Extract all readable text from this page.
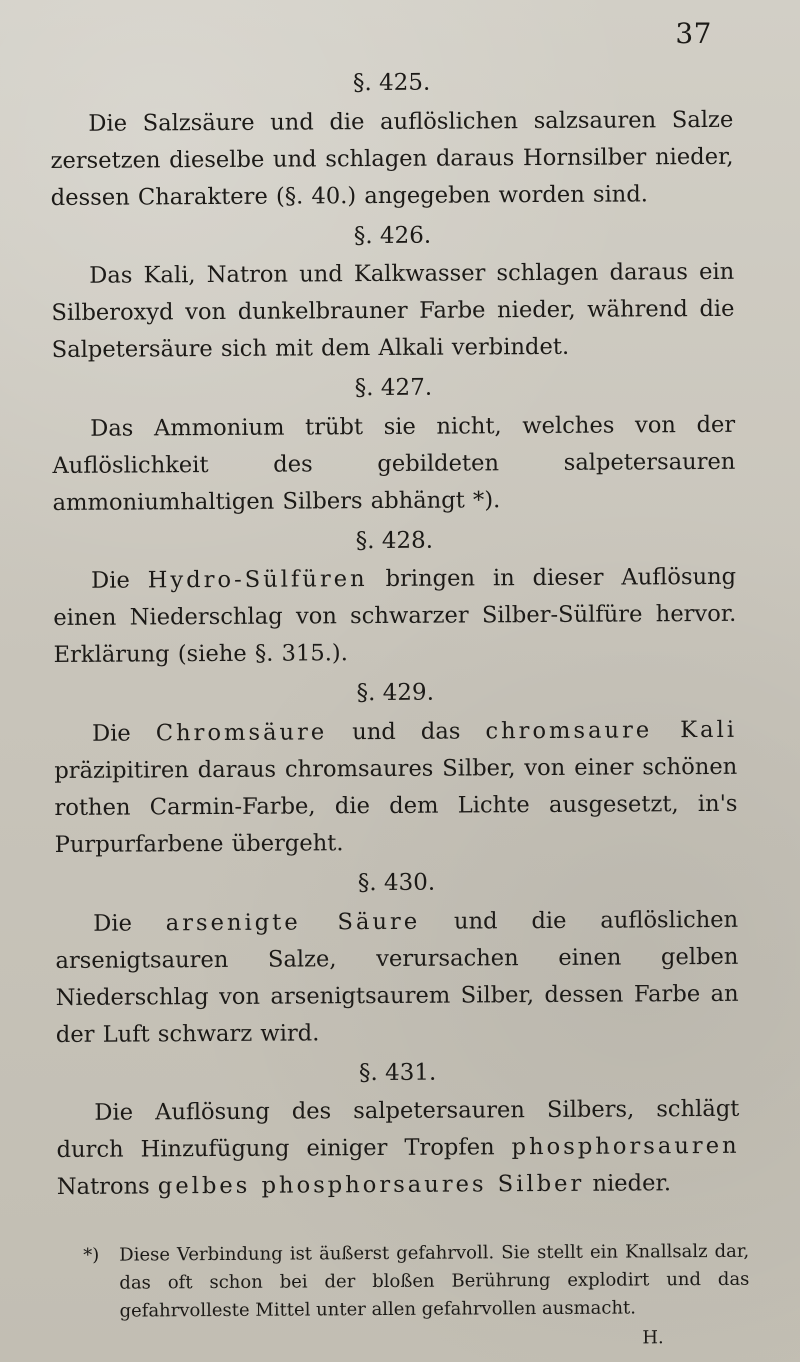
37
§. 425.

Die Salzsäure und die auflöslichen salzsauren Salze zersetzen dieselbe und schlagen daraus Hornsilber nieder, dessen Charaktere (§. 40.) angegeben worden sind.

§. 426.

Das Kali, Natron und Kalkwasser schlagen daraus ein Silberoxyd von dunkelbrauner Farbe nieder, während die Salpetersäure sich mit dem Alkali verbindet.

§. 427.

Das Ammonium trübt sie nicht, welches von der Auflöslichkeit des gebildeten salpetersauren ammoniumhaltigen Silbers abhängt *).

§. 428.

Die Hydro-Sülfüren bringen in dieser Auflösung einen Niederschlag von schwarzer Silber-Sülfüre hervor. Erklärung (siehe §. 315.).

§. 429.

Die Chromsäure und das chromsaure Kali präzipitiren daraus chromsaures Silber, von einer schönen rothen Carmin-Farbe, die dem Lichte ausgesetzt, in's Purpurfarbene übergeht.

§. 430.

Die arsenigte Säure und die auflöslichen arsenigtsauren Salze, verursachen einen gelben Niederschlag von arsenigtsaurem Silber, dessen Farbe an der Luft schwarz wird.

§. 431.

Die Auflösung des salpetersauren Silbers, schlägt durch Hinzufügung einiger Tropfen phosphorsauren Natrons gelbes phosphorsaures Silber nieder.

*) Diese Verbindung ist äußerst gefahrvoll. Sie stellt ein Knallsalz dar, das oft schon bei der bloßen Berührung explodirt und das gefahrvolleste Mittel unter allen gefahrvollen ausmacht.
H.
